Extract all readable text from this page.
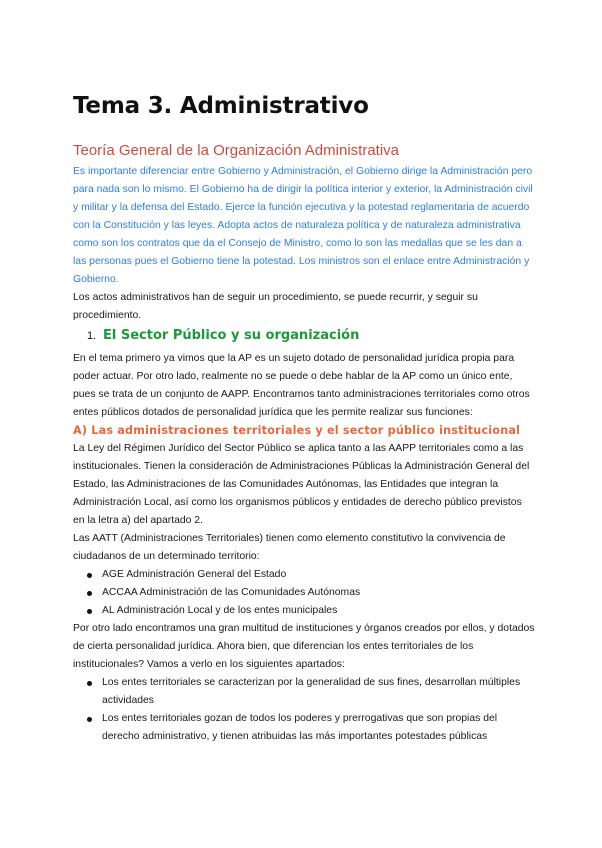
Tema 3. Administrativo
Teoría General de la Organización Administrativa

Es importante diferenciar entre Gobierno y Administración, el Gobierno dirige la Administración pero para nada son lo mismo. El Gobierno ha de dirigir la política interior y exterior, la Administración civil y militar y la defensa del Estado. Ejerce la función ejecutiva y la potestad reglamentaria de acuerdo con la Constitución y las leyes. Adopta actos de naturaleza política y de naturaleza administrativa como son los contratos que da el Consejo de Ministro, como lo son las medallas que se les dan a las personas pues el Gobierno tiene la potestad. Los ministros son el enlace entre Administración y Gobierno.

Los actos administrativos han de seguir un procedimiento, se puede recurrir, y seguir su procedimiento.

1. El Sector Público y su organización

En el tema primero ya vimos que la AP es un sujeto dotado de personalidad jurídica propia para poder actuar. Por otro lado, realmente no se puede o debe hablar de la AP como un único ente, pues se trata de un conjunto de AAPP. Encontramos tanto administraciones territoriales como otros entes públicos dotados de personalidad jurídica que les permite realizar sus funciones:

A) Las administraciones territoriales y el sector público institucional

La Ley del Régimen Jurídico del Sector Público se aplica tanto a las AAPP territoriales como a las institucionales. Tienen la consideración de Administraciones Públicas la Administración General del Estado, las Administraciones de las Comunidades Autónomas, las Entidades que integran la Administración Local, así como los organismos públicos y entidades de derecho público previstos en la letra a) del apartado 2.

Las AATT (Administraciones Territoriales) tienen como elemento constitutivo la convivencia de ciudadanos de un determinado territorio:

AGE Administración General del Estado
ACCAA Administración de las Comunidades Autónomas
AL Administración Local y de los entes municipales

Por otro lado encontramos una gran multitud de instituciones y órganos creados por ellos, y dotados de cierta personalidad jurídica. Ahora bien, que diferencian los entes territoriales de los institucionales? Vamos a verlo en los siguientes apartados:

Los entes territoriales se caracterizan por la generalidad de sus fines, desarrollan múltiples actividades
Los entes territoriales gozan de todos los poderes y prerrogativas que son propias del derecho administrativo, y tienen atribuidas las más importantes potestades públicas
